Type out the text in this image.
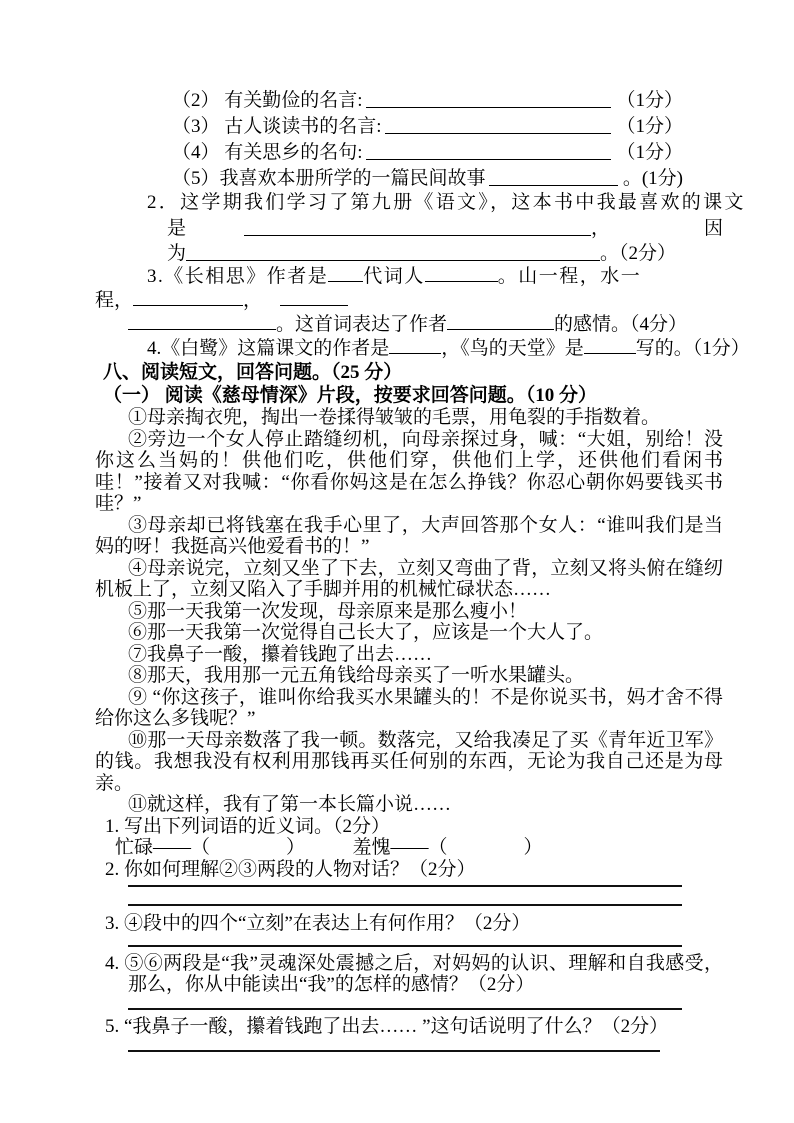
（2） 有关勤俭的名言:	（1分）
（3） 古人谈读书的名言:	（1分）
（4） 有关思乡的名句:	（1分）
（5）我喜欢本册所学的一篇民间故事	。(1分)
2．这学期我们学习了第九册《语文》，这本书中我最喜欢的课文
是	，	因
为	。（2分）
3.《长相思》作者是 代词人	。山一程，水一
程，	，
。这首词表达了作者	的感情。（4分）
4.《白鹭》这篇课文的作者是	，《鸟的天堂》是	写的。（1分）
八、阅读短文，回答问题。（25 分）
（一） 阅读《慈母情深》片段，按要求回答问题。（10 分）

①母亲掏衣兜，掏出一卷揉得皱皱的毛票，用龟裂的手指数着。

②旁边一个女人停止踏缝纫机，向母亲探过身，喊：“大姐，别给！没你这么当妈的！供他们吃，供他们穿，供他们上学，还供他们看闲书哇！”接着又对我喊：“你看你妈这是在怎么挣钱？你忍心朝你妈要钱买书哇？”

③母亲却已将钱塞在我手心里了，大声回答那个女人：“谁叫我们是当妈的呀！我挺高兴他爱看书的！”

④母亲说完，立刻又坐了下去，立刻又弯曲了背，立刻又将头俯在缝纫机板上了，立刻又陷入了手脚并用的机械忙碌状态……

⑤那一天我第一次发现，母亲原来是那么瘦小！

⑥那一天我第一次觉得自己长大了，应该是一个大人了。

⑦我鼻子一酸，攥着钱跑了出去……

⑧那天，我用那一元五角钱给母亲买了一听水果罐头。

⑨ “你这孩子，谁叫你给我买水果罐头的！不是你说买书，妈才舍不得给你这么多钱呢？”

⑩那一天母亲数落了我一顿。数落完，又给我凑足了买《青年近卫军》的钱。我想我没有权利用那钱再买任何别的东西，无论为我自己还是为母亲。

⑪就这样，我有了第一本长篇小说……

1. 写出下列词语的近义词。（2分）
忙碌——（　　　　）　　　羞愧——（　　　　）
2. 你如何理解②③两段的人物对话？（2分）
3. ④段中的四个“立刻”在表达上有何作用？（2分）
4. ⑤⑥两段是“我”灵魂深处震撼之后，对妈妈的认识、理解和自我感受，那么，你从中能读出“我”的怎样的感情？（2分）
5. “我鼻子一酸，攥着钱跑了出去…… ”这句话说明了什么？（2分）
